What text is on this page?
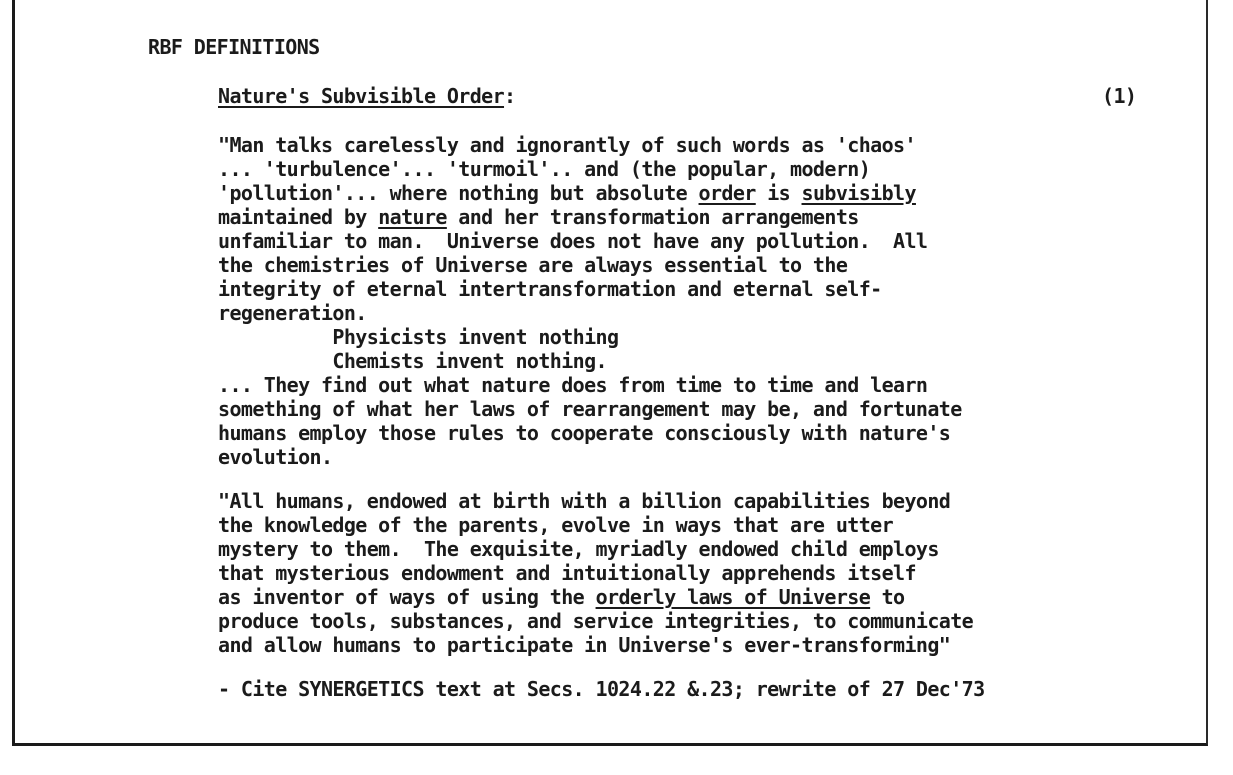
RBF DEFINITIONS
Nature's Subvisible Order:	(1)
"Man talks carelessly and ignorantly of such words as 'chaos'
... 'turbulence'... 'turmoil'.. and (the popular, modern)
'pollution'... where nothing but absolute order is subvisibly
maintained by nature and her transformation arrangements
unfamiliar to man.  Universe does not have any pollution.  All
the chemistries of Universe are always essential to the
integrity of eternal intertransformation and eternal self-
regeneration.
Physicists invent nothing
Chemists invent nothing.
... They find out what nature does from time to time and learn
something of what her laws of rearrangement may be, and fortunate
humans employ those rules to cooperate consciously with nature's
evolution.
"All humans, endowed at birth with a billion capabilities beyond
the knowledge of the parents, evolve in ways that are utter
mystery to them.  The exquisite, myriadly endowed child employs
that mysterious endowment and intuitionally apprehends itself
as inventor of ways of using the orderly laws of Universe to
produce tools, substances, and service integrities, to communicate
and allow humans to participate in Universe's ever-transforming"
- Cite SYNERGETICS text at Secs. 1024.22 &.23; rewrite of 27 Dec'73
